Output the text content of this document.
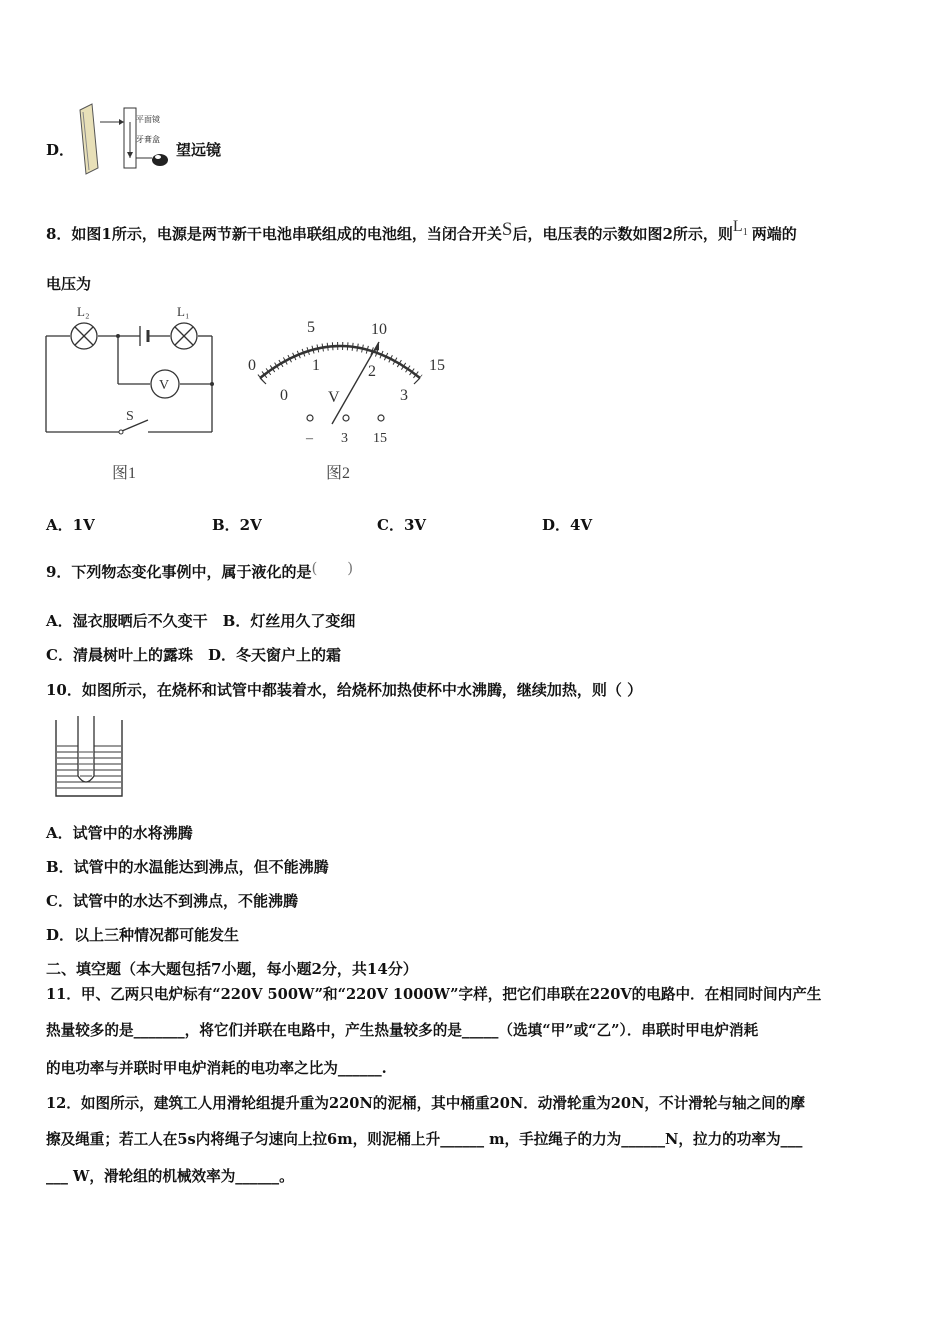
D．
平面镜
牙膏盒
望远镜
8．如图1所示，电源是两节新干电池串联组成的电池组，当闭合开关S后，电压表的示数如图2所示，则$L_1$ 两端的
电压为
V
L₂	L₁
S
图1
0
5	10
15
0
1	2
3
V
– 3 15
图2
A．1V	B．2V	C．3V	D．4V
9．下列物态变化事例中，属于液化的是(　　)
A．湿衣服晒后不久变干　B．灯丝用久了变细
C．清晨树叶上的露珠　D．冬天窗户上的霜
10．如图所示，在烧杯和试管中都装着水，给烧杯加热使杯中水沸腾，继续加热，则（ ）
A．试管中的水将沸腾
B．试管中的水温能达到沸点，但不能沸腾
C．试管中的水达不到沸点，不能沸腾
D．以上三种情况都可能发生
二、填空题（本大题包括7小题，每小题2分，共14分）
11．甲、乙两只电炉标有“220V 500W”和“220V 1000W”字样，把它们串联在220V的电路中．在相同时间内产生
热量较多的是_______，将它们并联在电路中，产生热量较多的是_____（选填“甲”或“乙”）．串联时甲电炉消耗
的电功率与并联时甲电炉消耗的电功率之比为______.
12．如图所示，建筑工人用滑轮组提升重为220N的泥桶，其中桶重20N．动滑轮重为20N，不计滑轮与轴之间的摩
擦及绳重；若工人在5s内将绳子匀速向上拉6m，则泥桶上升______ m，手拉绳子的力为______N，拉力的功率为___
___ W，滑轮组的机械效率为______。
